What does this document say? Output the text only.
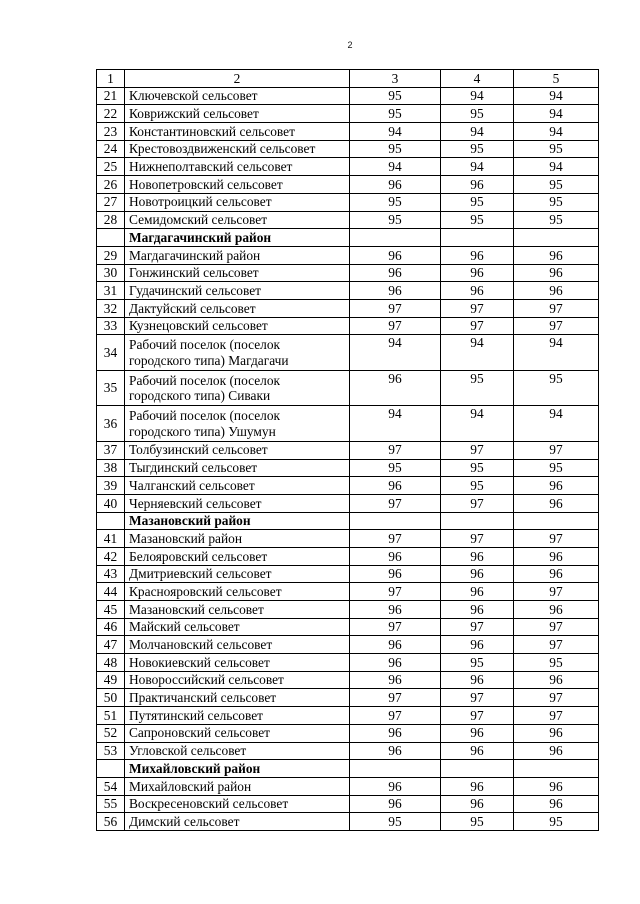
2
1	2	3	4	5
21	Ключевской сельсовет	95	94	94
22	Коврижский сельсовет	95	95	94
23	Константиновский сельсовет	94	94	94
24	Крестовоздвиженский сельсовет	95	95	95
25	Нижнеполтавский сельсовет	94	94	94
26	Новопетровский сельсовет	96	96	95
27	Новотроицкий сельсовет	95	95	95
28	Семидомский сельсовет	95	95	95
	Магдагачинский район			
29	Магдагачинский район	96	96	96
30	Гонжинский сельсовет	96	96	96
31	Гудачинский сельсовет	96	96	96
32	Дактуйский сельсовет	97	97	97
33	Кузнецовский сельсовет	97	97	97
34	Рабочий поселок (поселок городского типа) Магдагачи	94	94	94
35	Рабочий поселок (поселок городского типа) Сиваки	96	95	95
36	Рабочий поселок (поселок городского типа) Ушумун	94	94	94
37	Толбузинский сельсовет	97	97	97
38	Тыгдинский сельсовет	95	95	95
39	Чалганский сельсовет	96	95	96
40	Черняевский сельсовет	97	97	96
	Мазановский район			
41	Мазановский район	97	97	97
42	Белояровский сельсовет	96	96	96
43	Дмитриевский сельсовет	96	96	96
44	Краснояровский сельсовет	97	96	97
45	Мазановский сельсовет	96	96	96
46	Майский сельсовет	97	97	97
47	Молчановский сельсовет	96	96	97
48	Новокиевский сельсовет	96	95	95
49	Новороссийский сельсовет	96	96	96
50	Практичанский сельсовет	97	97	97
51	Путятинский сельсовет	97	97	97
52	Сапроновский сельсовет	96	96	96
53	Угловской сельсовет	96	96	96
	Михайловский район			
54	Михайловский район	96	96	96
55	Воскресеновский сельсовет	96	96	96
56	Димский сельсовет	95	95	95
